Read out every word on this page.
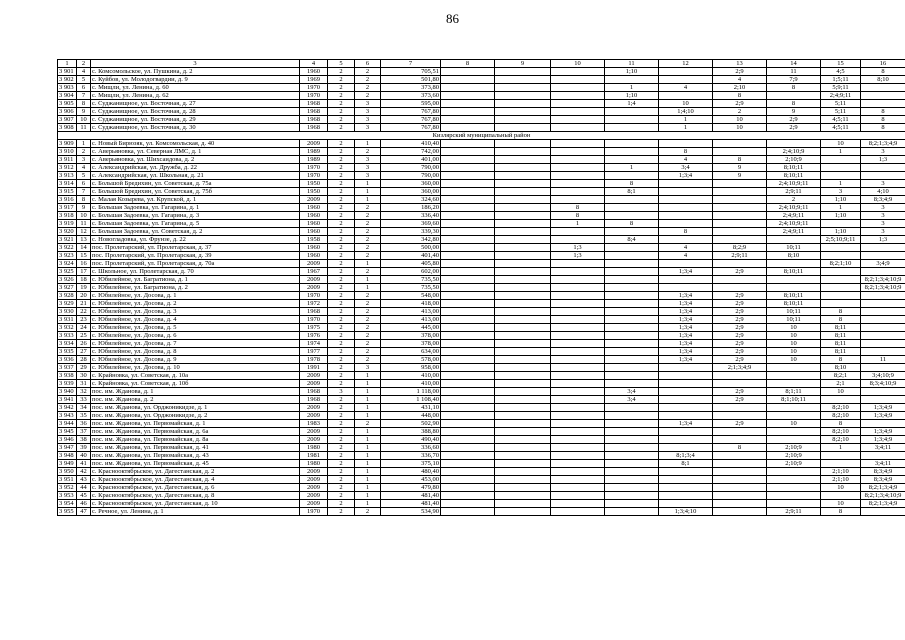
86
1	2	3	4	5	6	7	8	9	10	11	12	13	14	15	16
3 901	4	с. Комсомольское, ул. Пушкина, д. 2	1960	2	2	705,51				1;10		2;9	11	4;5	8
3 902	5	с. Куйбов, ул. Молодогвардии, д. 9	1969	2	2	501,80						4	7;9	1;5;11	8;10
3 903	6	с. Мищли, ул. Ленина, д. 60	1970	2	2	373,80				1	4	2;10	8	5;9;11	
3 904	7	с. Мищли, ул. Ленина, д. 62	1970	2	2	373,60				1;10		8		2;4;9;11	
3 905	8	с. Суджанищное, ул. Восточная, д. 27	1968	2	3	595,00				1;4	10	2;9	8	5;11	
3 906	9	с. Суджанищное, ул. Восточная, д. 28	1968	2	3	767,80					1;4;10	2	9	5;11	8
3 907	10	с. Суджанищное, ул. Восточная, д. 29	1968	2	3	767,80					1	10	2;9	4;5;11	8
3 908	11	с. Суджанищное, ул. Восточная, д. 30	1968	2	3	767,80					1	10	2;9	4;5;11	8
Кизлярский муниципальный район															
3 909	1	с. Новый Бирюзяк, ул. Комсомольская, д. 40	2009	2	1	410,40								10	8;2;1;3;4;9
3 910	2	с. Аверьяновка, ул. Северная ЛМС, д. 1	1989	2	2	742,00					8		2;4;10;9	1	3
3 911	3	с. Аверьяновка, ул. Шихсаидова, д. 2	1989	2	3	401,00					4	8	2;10;9		1;3
3 912	4	с. Александрийская, ул. Дружба, д. 22	1970	2	3	790,00				1	3;4	9	8;10;11		
3 913	5	с. Александрийская, ул. Школьная, д. 21	1970	2	3	790,00					1;3;4	9	8;10;11		
3 914	6	с. Большой Бредихин, ул. Советская, д. 75а	1950	2	1	360,00				8			2;4;10;9;11	1	3
3 915	7	с. Большой Бредихин, ул. Советская, д. 75б	1950	2	1	360,00				8;1			2;9;11	3	4;10
3 916	8	с. Малая Козырева, ул. Крупской, д. 1	2009	2	1	324,60							2	1;10	8;3;4;9
3 917	9	с. Большая Задоевка, ул. Гагарина, д. 1	1960	2	2	186,20			8				2;4;10;9;11	1	3
3 918	10	с. Большая Задоевка, ул. Гагарина, д. 3	1960	2	2	336,40			8				2;4;9;11	1;10	3
3 919	11	с. Большая Задоевка, ул. Гагарина, д. 5	1960	2	2	369,60			1	8			2;4;10;9;11		3
3 920	12	с. Большая Задоевка, ул. Советская, д. 2	1960	2	2	339,30					8		2;4;9;11	1;10	3
3 921	13	с. Новогладовка, ул. Фрунзе, д. 22	1958	2	2	342,80				8;4				2;5;10;9;11	1;3
3 922	14	пос. Пролетарский, ул. Пролетарская, д. 37	1960	2	2	500,00			1;3		4	8;2;9	10;11		
3 923	15	пос. Пролетарский, ул. Пролетарская, д. 39	1960	2	2	401,40			1;3		4	2;9;11	8;10		
3 924	16	пос. Пролетарский, ул. Пролетарская, д. 70а	2009	2	1	405,80								8;2;1;10	3;4;9
3 925	17	с. Школьное, ул. Пролетарская, д. 70	1967	2	2	602,00					1;3;4	2;9	8;10;11		
3 926	18	с. Юбилейное, ул. Багратиона, д. 1	2009	2	1	735,50									8;2;1;3;4;10;9
3 927	19	с. Юбилейное, ул. Багратиона, д. 2	2009	2	1	735,50									8;2;1;3;4;10;9
3 928	20	с. Юбилейное, ул. Досова, д. 1	1970	2	2	548,00					1;3;4	2;9	8;10;11		
3 929	21	с. Юбилейное, ул. Досова, д. 2	1972	2	2	418,00					1;3;4	2;9	8;10;11		
3 930	22	с. Юбилейное, ул. Досова, д. 3	1968	2	2	413,00					1;3;4	2;9	10;11	8	
3 931	23	с. Юбилейное, ул. Досова, д. 4	1970	2	2	413,00					1;3;4	2;9	10;11	8	
3 932	24	с. Юбилейное, ул. Досова, д. 5	1975	2	2	445,00					1;3;4	2;9	10	8;11	
3 933	25	с. Юбилейное, ул. Досова, д. 6	1976	2	2	378,00					1;3;4	2;9	10	8;11	
3 934	26	с. Юбилейное, ул. Досова, д. 7	1974	2	2	378,00					1;3;4	2;9	10	8;11	
3 935	27	с. Юбилейное, ул. Досова, д. 8	1977	2	2	634,00					1;3;4	2;9	10	8;11	
3 936	28	с. Юбилейное, ул. Досова, д. 9	1978	2	2	578,00					1;3;4	2;9	10	8	11
3 937	29	с. Юбилейное, ул. Досова, д. 10	1991	2	3	958,00						2;1;3;4;9		8;10	
3 938	30	с. Крайновка, ул. Советская, д. 10а	2009	2	1	410,00								8;2;1	3;4;10;9
3 939	31	с. Крайновка, ул. Советская, д. 10б	2009	2	1	410,00								2;1	8;3;4;10;9
3 940	32	пос. им. Жданова, д. 1	1968	3	1	1 118,00				3;4		2;9	8;1;11	10	
3 941	33	пос. им. Жданова, д. 2	1968	2	1	1 108,40				3;4		2;9	8;1;10;11		
3 942	34	пос. им. Жданова, ул. Орджоникидзе, д. 1	2009	2	1	431,10								8;2;10	1;3;4;9
3 943	35	пос. им. Жданова, ул. Орджоникидзе, д. 2	2009	2	1	448,00								8;2;10	1;3;4;9
3 944	36	пос. им. Жданова, ул. Первомайская, д. 1	1983	2	2	502,90					1;3;4	2;9	10	8	
3 945	37	пос. им. Жданова, ул. Первомайская, д. 6а	2009	2	1	388,80								8;2;10	1;3;4;9
3 946	38	пос. им. Жданова, ул. Первомайская, д. 8а	2009	2	1	490,40								8;2;10	1;3;4;9
3 947	39	пос. им. Жданова, ул. Первомайская, д. 41	1980	2	1	336,60						8	2;10;9	1	3;4;11
3 948	40	пос. им. Жданова, ул. Первомайская, д. 43	1981	2	1	336,70					8;1;3;4		2;10;9		
3 949	41	пос. им. Жданова, ул. Первомайская, д. 45	1980	2	1	375,10					8;1		2;10;9		3;4;11
3 950	42	с. Краснооктябрьское, ул. Дагестанская, д. 2	2009	2	1	480,40								2;1;10	8;3;4;9
3 951	43	с. Краснооктябрьское, ул. Дагестанская, д. 4	2009	2	1	453,00								2;1;10	8;3;4;9
3 952	44	с. Краснооктябрьское, ул. Дагестанская, д. 6	2009	2	1	479,80								10	8;2;1;3;4;9
3 953	45	с. Краснооктябрьское, ул. Дагестанская, д. 8	2009	2	1	481,40									8;2;1;3;4;10;9
3 954	46	с. Краснооктябрьское, ул. Дагестанская, д. 10	2009	2	1	481,40								10	8;2;1;3;4;9
3 955	47	с. Речное, ул. Ленина, д. 1	1970	2	2	534,90					1;3;4;10		2;9;11	8	
